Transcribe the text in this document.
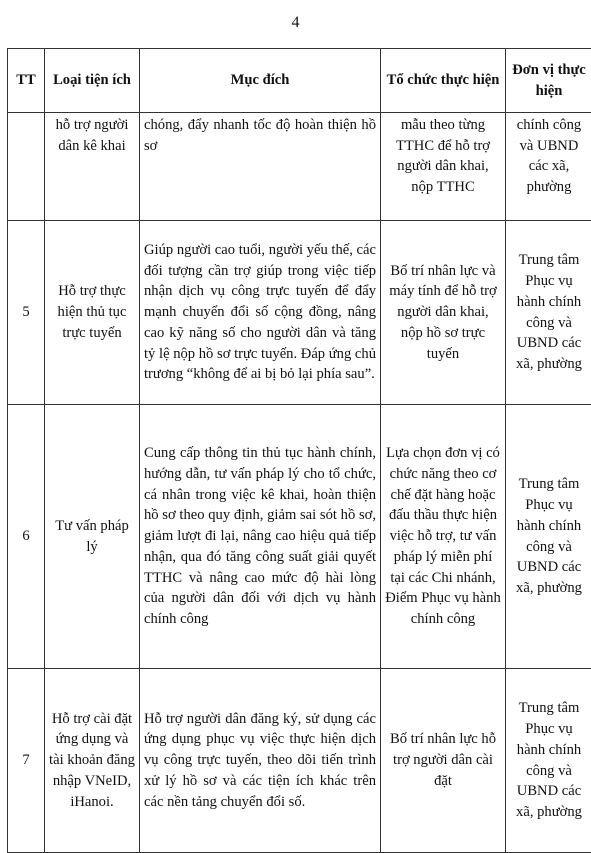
4
TT	Loại tiện ích	Mục đích	Tổ chức thực hiện	Đơn vị thực hiện
	hỗ trợ người dân kê khai	chóng, đẩy nhanh tốc độ hoàn thiện hồ sơ	mẫu theo từng TTHC để hỗ trợ người dân khai, nộp TTHC	chính công và UBND các xã, phường
5	Hỗ trợ thực hiện thủ tục trực tuyến	Giúp người cao tuổi, người yếu thế, các đối tượng cần trợ giúp trong việc tiếp nhận dịch vụ công trực tuyến để đẩy mạnh chuyển đổi số cộng đồng, nâng cao kỹ năng số cho người dân và tăng tỷ lệ nộp hồ sơ trực tuyến. Đáp ứng chủ trương “không để ai bị bỏ lại phía sau”.	Bố trí nhân lực và máy tính để hỗ trợ người dân khai, nộp hồ sơ trực tuyến	Trung tâm Phục vụ hành chính công và UBND các xã, phường
6	Tư vấn pháp lý	Cung cấp thông tin thủ tục hành chính, hướng dẫn, tư vấn pháp lý cho tổ chức, cá nhân trong việc kê khai, hoàn thiện hồ sơ theo quy định, giảm sai sót hồ sơ, giảm lượt đi lại, nâng cao hiệu quả tiếp nhận, qua đó tăng công suất giải quyết TTHC và nâng cao mức độ hài lòng của người dân đối với dịch vụ hành chính công	Lựa chọn đơn vị có chức năng theo cơ chế đặt hàng hoặc đấu thầu thực hiện việc hỗ trợ, tư vấn pháp lý miễn phí tại các Chi nhánh, Điểm Phục vụ hành chính công	Trung tâm Phục vụ hành chính công và UBND các xã, phường
7	Hỗ trợ cài đặt ứng dụng và tài khoản đăng nhập VNeID, iHanoi.	Hỗ trợ người dân đăng ký, sử dụng các ứng dụng phục vụ việc thực hiện dịch vụ công trực tuyến, theo dõi tiến trình xử lý hồ sơ và các tiện ích khác trên các nền tảng chuyển đổi số.	Bố trí nhân lực hỗ trợ người dân cài đặt	Trung tâm Phục vụ hành chính công và UBND các xã, phường
